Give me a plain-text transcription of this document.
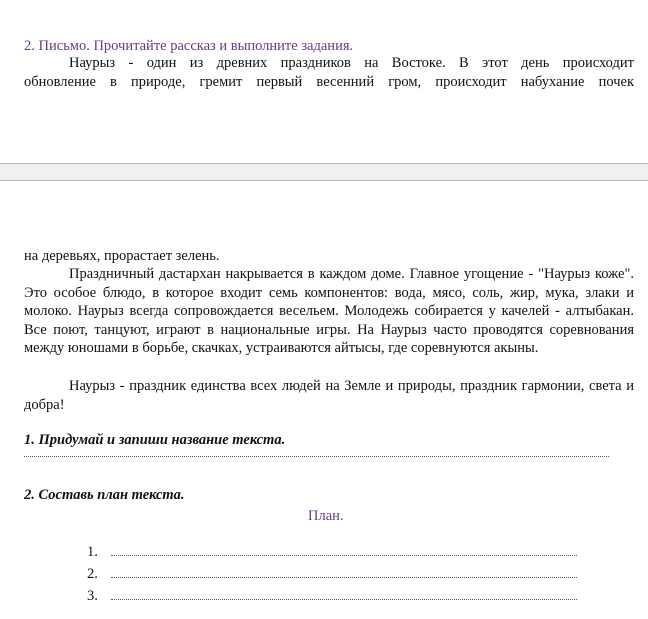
2. Письмо. Прочитайте рассказ и выполните задания.
Наурыз - один из древних праздников на Востоке. В этот день происходит
обновление в природе, гремит первый весенний гром, происходит набухание почек
на деревьях, прорастает зелень.
Праздничный дастархан накрывается в каждом доме. Главное угощение - "Наурыз коже". Это особое блюдо, в которое входит семь компонентов: вода, мясо, соль, жир, мука, злаки и молоко. Наурыз всегда сопровождается весельем. Молодежь собирается у качелей - алтыбакан. Все поют, танцуют, играют в национальные игры. На Наурыз часто проводятся соревнования между юношами в борьбе, скачках, устраиваются айтысы, где соревнуются акыны.
Наурыз - праздник единства всех людей на Земле и природы, праздник гармонии, света и добра!
1. Придумай и запиши название текста.
2. Составь план текста.
План.
1.
2.
3.
